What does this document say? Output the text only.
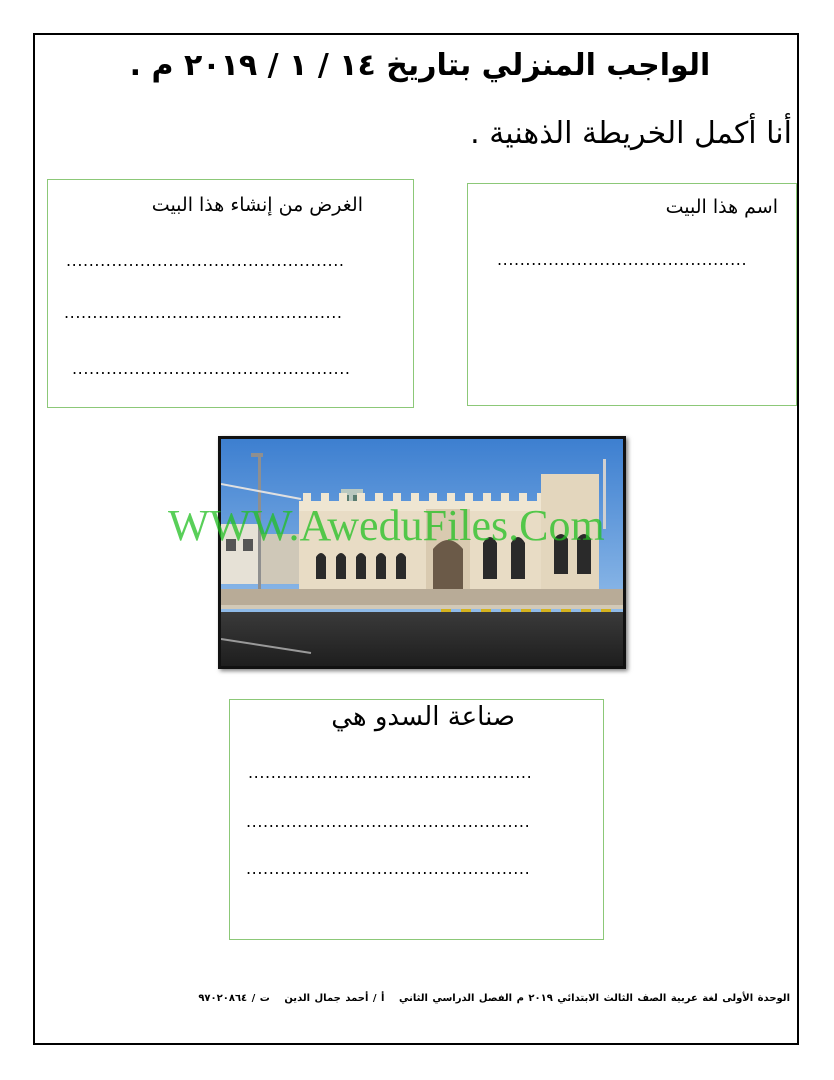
الواجب المنزلي بتاريخ ١٤ / ١ / ٢٠١٩ م .
أنا أكمل الخريطة الذهنية .
اسم هذا البيت
............................................
الغرض من إنشاء هذا البيت
.................................................
.................................................
.................................................
WWW.AweduFiles.Com
صناعة السدو هي
..................................................
..................................................
..................................................
الوحدة الأولى لغة عربية الصف الثالث الابتدائي ٢٠١٩ م الفصل الدراسي الثاني أ / أحمد جمال الدين ت / ٩٧٠٢٠٨٦٤
